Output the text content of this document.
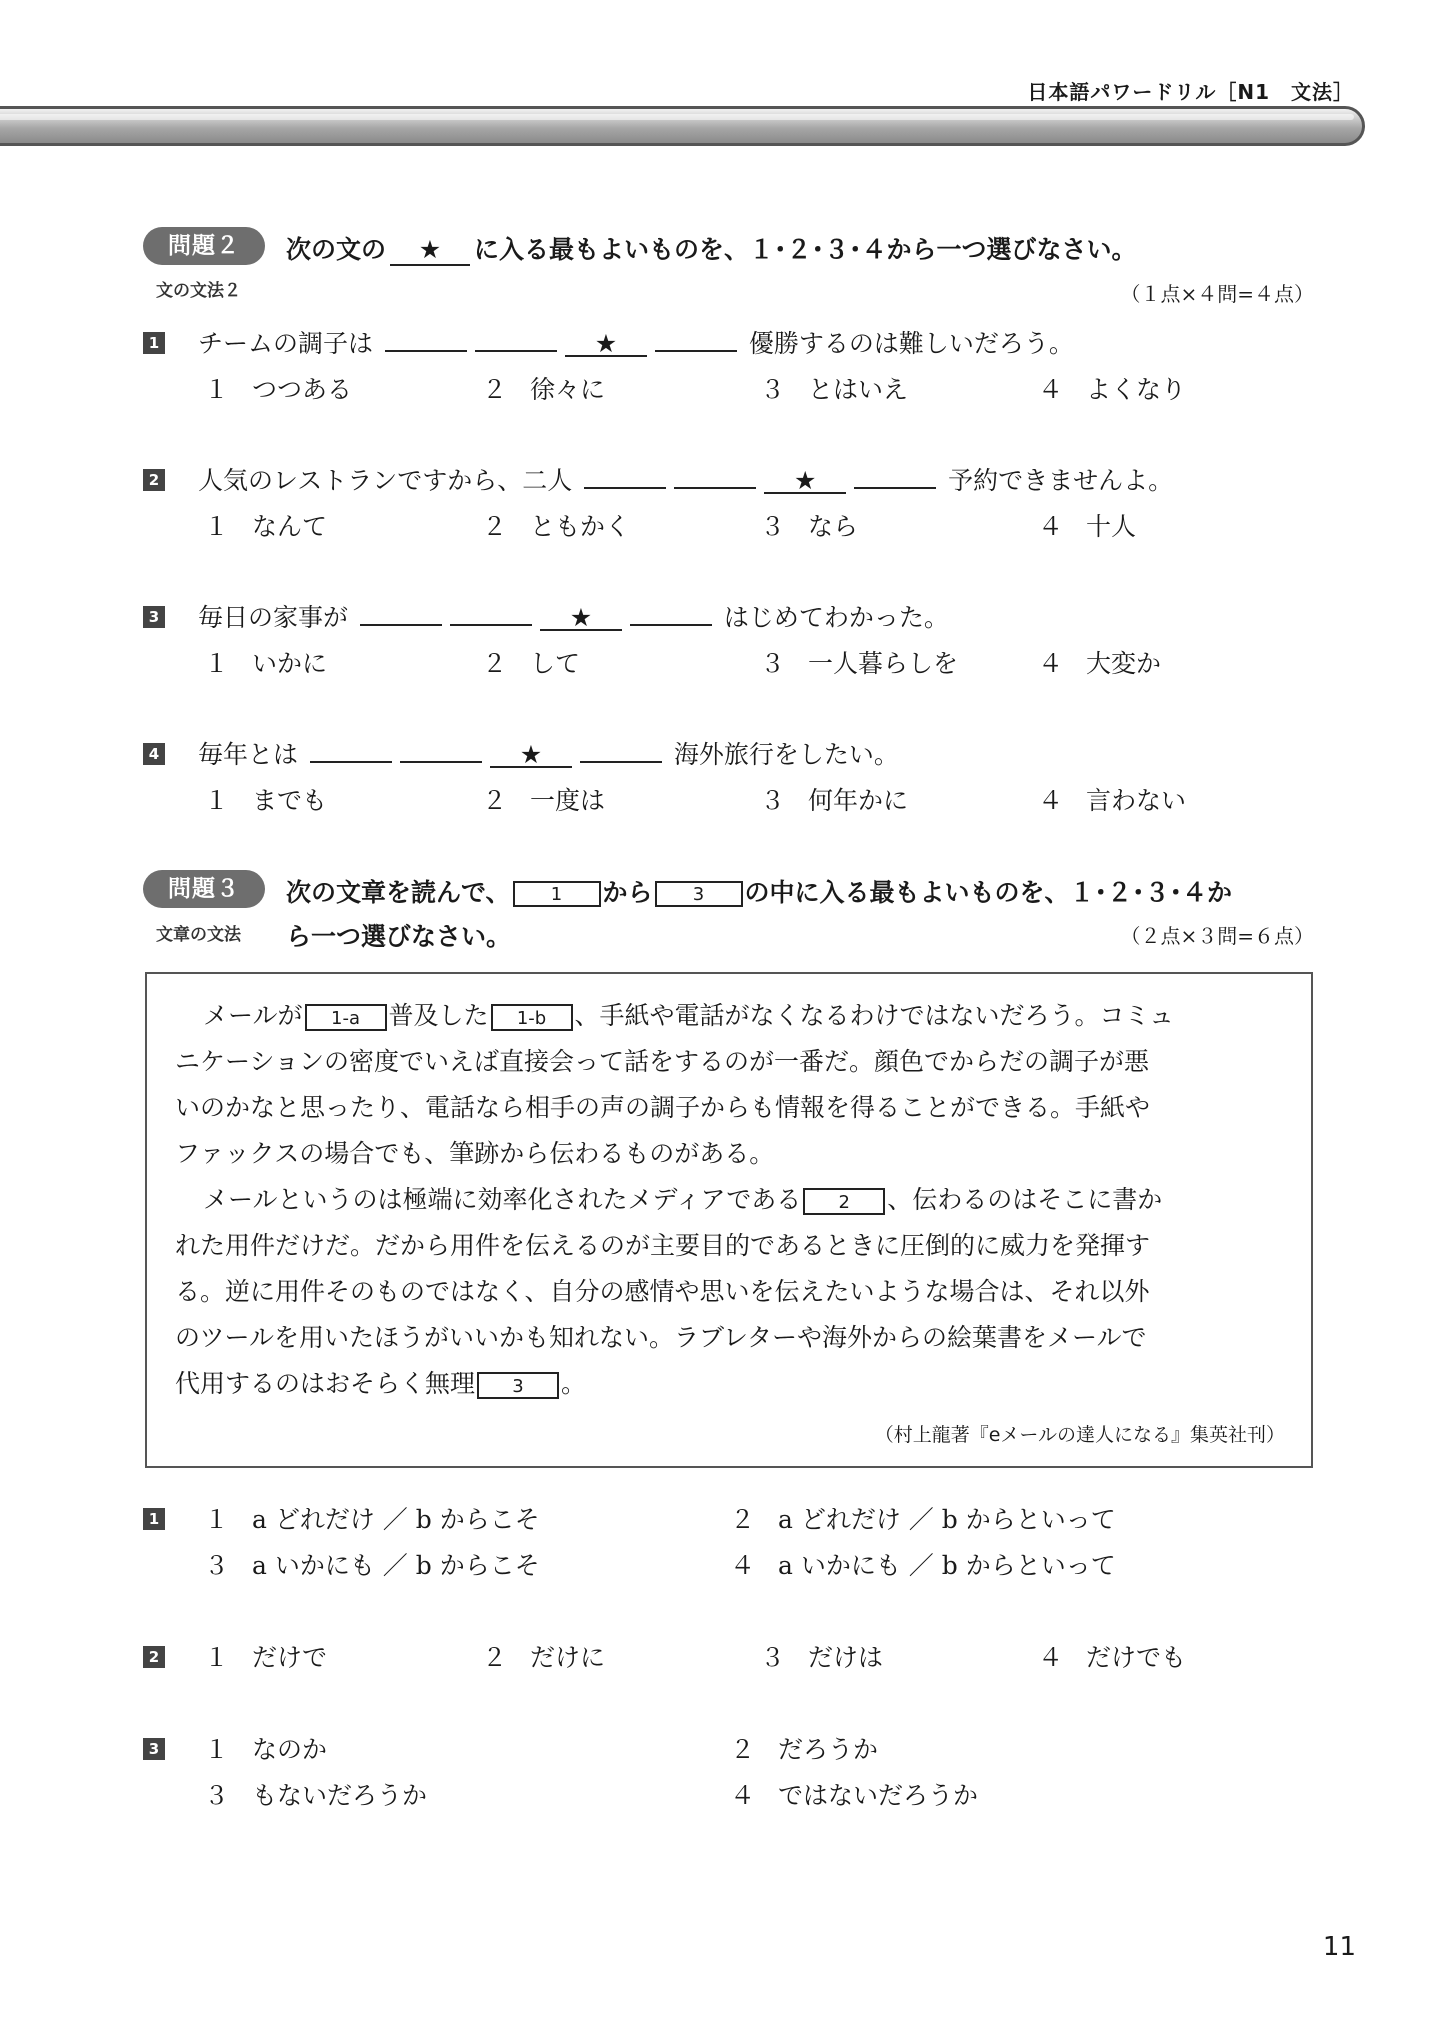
日本語パワードリル［N1　文法］
問題２
文の文法２
次の文の ★ に入る最もよいものを、１･２･３･４から一つ選びなさい。
（１点×４問=４点）
1 チームの調子は	★	優勝するのは難しいだろう。
１ つつある	２ 徐々に	３ とはいえ	４ よくなり
2 人気のレストランですから、二人	★	予約できませんよ。
１ なんて	２ ともかく	３ なら	４ 十人
3 毎日の家事が	★	はじめてわかった。
１ いかに	２ して	３ 一人暮らしを	４ 大変か
4 毎年とは	★	海外旅行をしたい。
１ までも	２ 一度は	３ 何年かに	４ 言わない
問題３
文章の文法
次の文章を読んで、 1 から 3 の中に入る最もよいものを、１･２･３･４か
ら一つ選びなさい。	（２点×３問=６点）
メールが 1-a 普及した 1-b 、手紙や電話がなくなるわけではないだろう。コミュ
ニケーションの密度でいえば直接会って話をするのが一番だ。顔色でからだの調子が悪
いのかなと思ったり、電話なら相手の声の調子からも情報を得ることができる。手紙や
ファックスの場合でも、筆跡から伝わるものがある。
メールというのは極端に効率化されたメディアである 2 、伝わるのはそこに書か
れた用件だけだ。だから用件を伝えるのが主要目的であるときに圧倒的に威力を発揮す
る。逆に用件そのものではなく、自分の感情や思いを伝えたいような場合は、それ以外
のツールを用いたほうがいいかも知れない。ラブレターや海外からの絵葉書をメールで
代用するのはおそらく無理 3 。
（村上龍著『eメールの達人になる』集英社刊）
1 １ a どれだけ ／ b からこそ	２ a どれだけ ／ b からといって
３ a いかにも ／ b からこそ	４ a いかにも ／ b からといって
2 １ だけで	２ だけに	３ だけは	４ だけでも
3 １ なのか	２ だろうか
３ もないだろうか	４ ではないだろうか
11
